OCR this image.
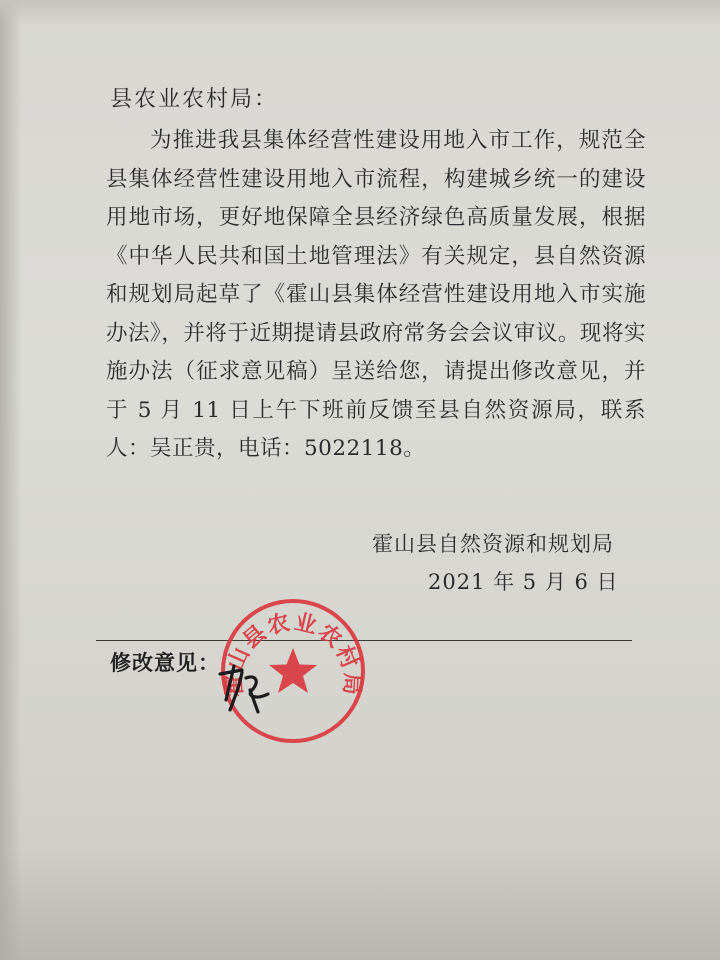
县农业农村局：

为推进我县集体经营性建设用地入市工作，规范全县集体经营性建设用地入市流程，构建城乡统一的建设用地市场，更好地保障全县经济绿色高质量发展，根据《中华人民共和国土地管理法》有关规定，县自然资源和规划局起草了《霍山县集体经营性建设用地入市实施办法》，并将于近期提请县政府常务会会议审议。现将实施办法（征求意见稿）呈送给您，请提出修改意见，并于 5 月 11 日上午下班前反馈至县自然资源局，联系人：吴正贵，电话：5022118。

霍山县自然资源和规划局
2021 年 5 月 6 日
修改意见：
霍山县农业农村局
